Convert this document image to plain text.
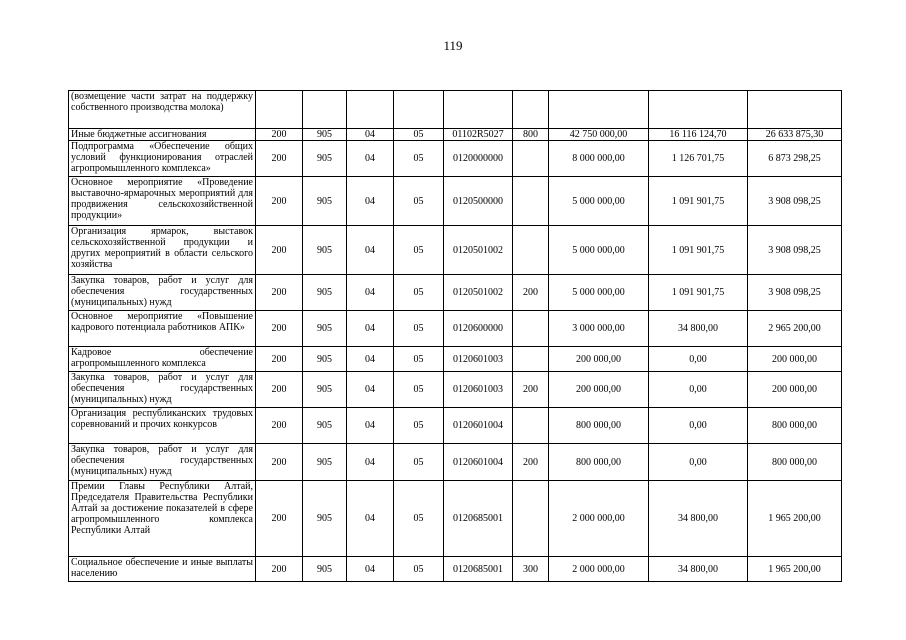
119
(возмещение части затрат на поддержку собственного производства молока)									
Иные бюджетные ассигнования	200	905	04	05	01102R5027	800	42 750 000,00	16 116 124,70	26 633 875,30
Подпрограмма «Обеспечение общих условий функционирования отраслей агропромышленного комплекса»	200	905	04	05	0120000000		8 000 000,00	1 126 701,75	6 873 298,25
Основное мероприятие «Проведение выставочно-ярмарочных мероприятий для продвижения сельскохозяйственной продукции»	200	905	04	05	0120500000		5 000 000,00	1 091 901,75	3 908 098,25
Организация ярмарок, выставок сельскохозяйственной продукции и других мероприятий в области сельского хозяйства	200	905	04	05	0120501002		5 000 000,00	1 091 901,75	3 908 098,25
Закупка товаров, работ и услуг для обеспечения государственных (муниципальных) нужд	200	905	04	05	0120501002	200	5 000 000,00	1 091 901,75	3 908 098,25
Основное мероприятие «Повышение кадрового потенциала работников АПК»	200	905	04	05	0120600000		3 000 000,00	34 800,00	2 965 200,00
Кадровое обеспечение агропромышленного комплекса	200	905	04	05	0120601003		200 000,00	0,00	200 000,00
Закупка товаров, работ и услуг для обеспечения государственных (муниципальных) нужд	200	905	04	05	0120601003	200	200 000,00	0,00	200 000,00
Организация республиканских трудовых соревнований и прочих конкурсов	200	905	04	05	0120601004		800 000,00	0,00	800 000,00
Закупка товаров, работ и услуг для обеспечения государственных (муниципальных) нужд	200	905	04	05	0120601004	200	800 000,00	0,00	800 000,00
Премии Главы Республики Алтай, Председателя Правительства Республики Алтай за достижение показателей в сфере агропромышленного комплекса Республики Алтай	200	905	04	05	0120685001		2 000 000,00	34 800,00	1 965 200,00
Социальное обеспечение и иные выплаты населению	200	905	04	05	0120685001	300	2 000 000,00	34 800,00	1 965 200,00
